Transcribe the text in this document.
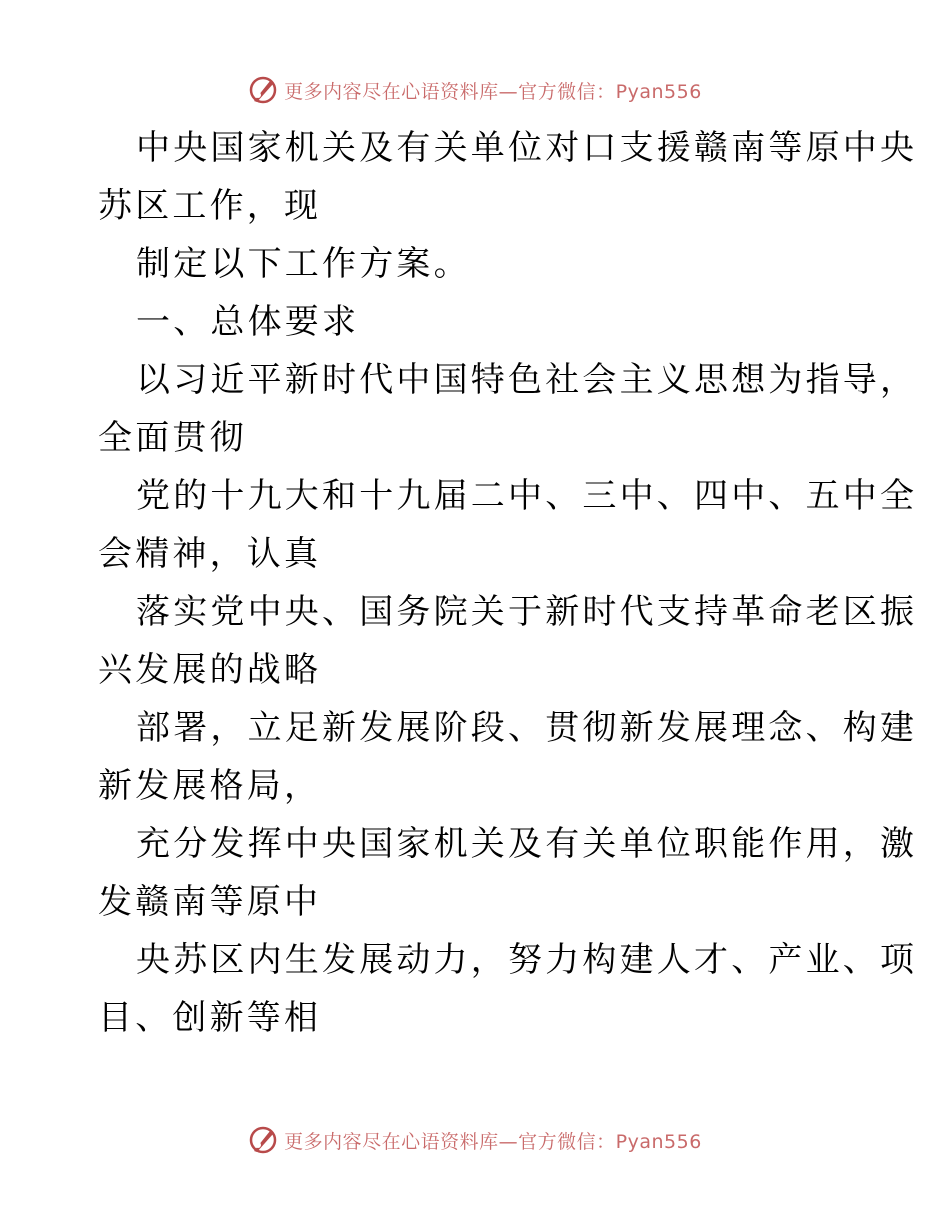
更多内容尽在心语资料库—官方微信：Pyan556
中央国家机关及有关单位对口支援赣南等原中央
苏区工作，现
制定以下工作方案。
一、总体要求
以习近平新时代中国特色社会主义思想为指导，
全面贯彻
党的十九大和十九届二中、三中、四中、五中全
会精神，认真
落实党中央、国务院关于新时代支持革命老区振
兴发展的战略
部署，立足新发展阶段、贯彻新发展理念、构建
新发展格局，
充分发挥中央国家机关及有关单位职能作用，激
发赣南等原中
央苏区内生发展动力，努力构建人才、产业、项
目、创新等相
更多内容尽在心语资料库—官方微信：Pyan556
